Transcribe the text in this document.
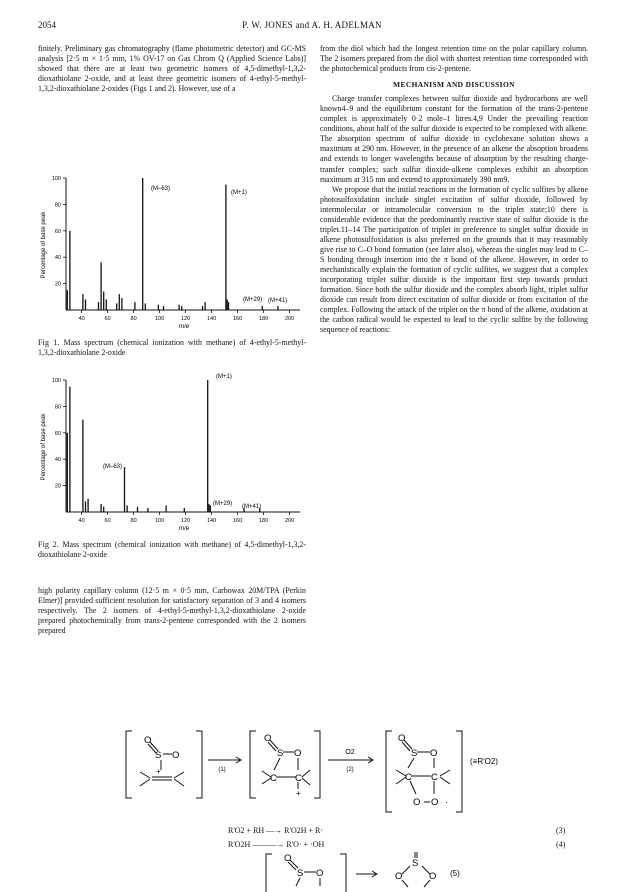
2054	P. W. JONES and A. H. ADELMAN

finitely. Preliminary gas chromatography (flame photometric detector) and GC-MS analysis [2·5 m × 1·5 mm, 1% OV-17 on Gas Chrom Q (Applied Science Labs)] showed that there are at least two geometric isomers of 4,5-dimethyl-1,3,2-dioxathiolane 2-oxide, and at least three geometric isomers of 4-ethyl-5-methyl-1,3,2-dioxathiolane 2-oxides (Figs 1 and 2). However, use of a

20
40
60
80
100
40	60	80	100	120	140	160	180	200
Percentage of base peak
m/e
(M–63)
(M+1)
(M+29) (M+41)
Fig 1. Mass spectrum (chemical ionization with methane) of 4-ethyl-5-methyl-1,3,2-dioxathiolane 2-oxide
20
40
60
80
100
40	60	80	100	120	140	160	180	200
Percentage of base peak
m/e
(M–63)
(M+1)
(M+29) (M+41)
Fig 2. Mass spectrum (chemical ionization with methane) of 4,5-dimethyl-1,3,2-dioxathiolane 2-oxide

high polarity capillary column (12·5 m × 0·5 mm, Carbowax 20M/TPA (Perkin Elmer)] provided sufficient resolution for satisfactory separation of 3 and 4 isomers respectively. The 2 isomers of 4-ethyl-5-methyl-1,3,2-dioxathiolane 2-oxide prepared photochemically from trans-2-pentene corresponded with the 2 isomers prepared

from the diol which had the longest retention time on the polar capillary column. The 2 isomers prepared from the diol with shortest retention time corresponded with the photochemical products from cis-2-pentene.

MECHANISM AND DISCUSSION

Charge transfer complexes between sulfur dioxide and hydrocarbons are well known4–9 and the equilibrium constant for the formation of the trans-2-pentene complex is approximately 0·2 mole–1 litres.4,9 Under the prevailing reaction conditions, about half of the sulfur dioxide is expected to be complexed with alkene. The absorption spectrum of sulfur dioxide in cyclohexane solution shows a maximum at 290 nm. However, in the presence of an alkene the absoption broadens and extends to longer wavelengths because of absorption by the resulting charge-transfer complex; such sulfur dioxide-alkene complexes exhibit an absorption maximum at 315 nm and extend to approximately 390 nm9.

We propose that the initial reactions in the formation of cyclic sulfites by alkene photosulfoxidation include singlet excitation of sulfur dioxide, followed by intermolecular or intramolecular conversion to the triplet state;10 there is considerable evidence that the predominantly reactive state of sulfur dioxide is the triplet.11–14 The participation of triplet in preference to singlet sulfur dioxide in alkene photosulfoxidation is also preferred on the grounds that it may reasonably give rise to C–O bond formation (see later also), whereas the singlet may lead to C–S bonding through insertion into the π bond of the alkene. However, in order to mechanistically explain the formation of cyclic sulfites, we suggest that a complex incorporating triplet sulfur dioxide is the important first step towards product formation. Since both the sulfur dioxide and the complex absorb light, triplet sulfur dioxide can result from direct excitation of sulfur dioxide or from excitation of the complex. Following the attack of the triplet on the π bond of the alkene, oxidation at the carbon radical would be expected to lead to the cyclic sulfite by the following sequence of reactions:

O
S O
+
O
S O
C C
+
O
S O
C C
O O ·
(1)
O2
(2)
(≡R'O2)
R'O2 + RH —→ R'O2H + R·	(3)
R'O2H ———→ R'O· + ·OH	(4)
O
S O
S
O	O (5)
